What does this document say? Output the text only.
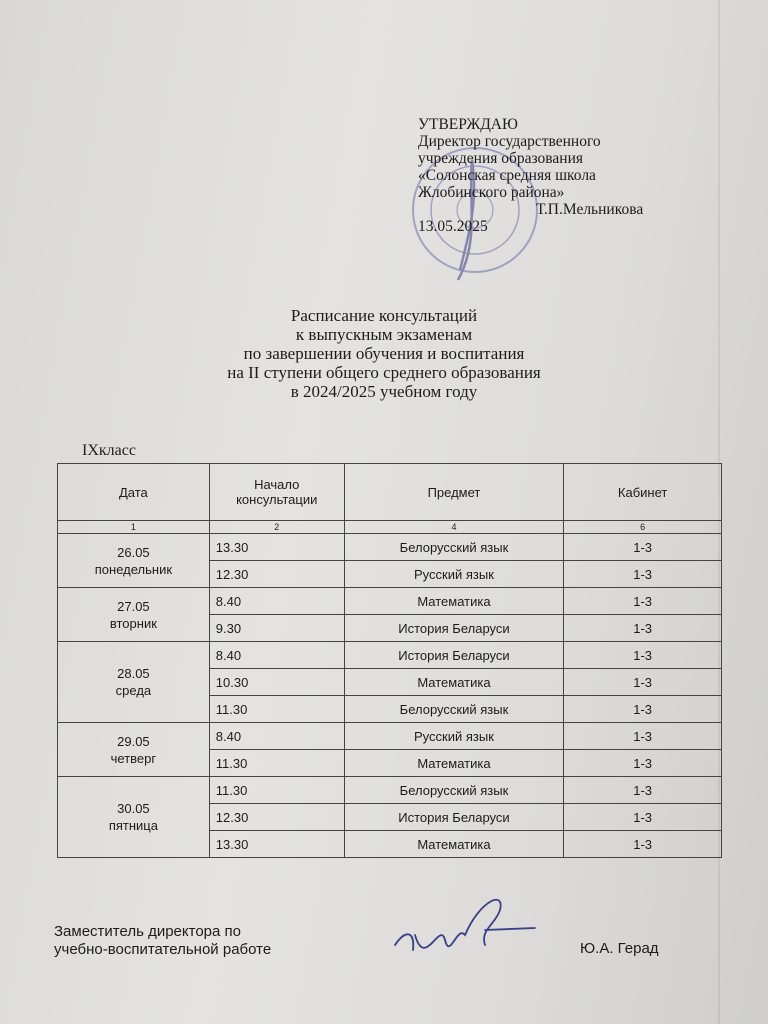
УТВЕРЖДАЮ
Директор государственного
учреждения образования
«Солонская средняя школа
Жлобинского района»
Т.П.Мельникова
13.05.2025
Расписание консультаций
к выпускным экзаменам
по завершении обучения и воспитания
на II ступени общего среднего образования
в 2024/2025 учебном году
IXкласс
Дата	Начало консультации	Предмет	Кабинет
1	2	4	6

26.05
понедельник	13.30	Белорусский язык	1-3
	12.30	Русский язык	1-3

27.05
вторник	8.40	Математика	1-3
	9.30	История Беларуси	1-3

28.05
среда	8.40	История Беларуси	1-3
	10.30	Математика	1-3
	11.30	Белорусский язык	1-3

29.05
четверг	8.40	Русский язык	1-3
	11.30	Математика	1-3

30.05
пятница	11.30	Белорусский язык	1-3
	12.30	История Беларуси	1-3
	13.30	Математика	1-3
Заместитель директора по
учебно-воспитательной работе	Ю.А. Герад
